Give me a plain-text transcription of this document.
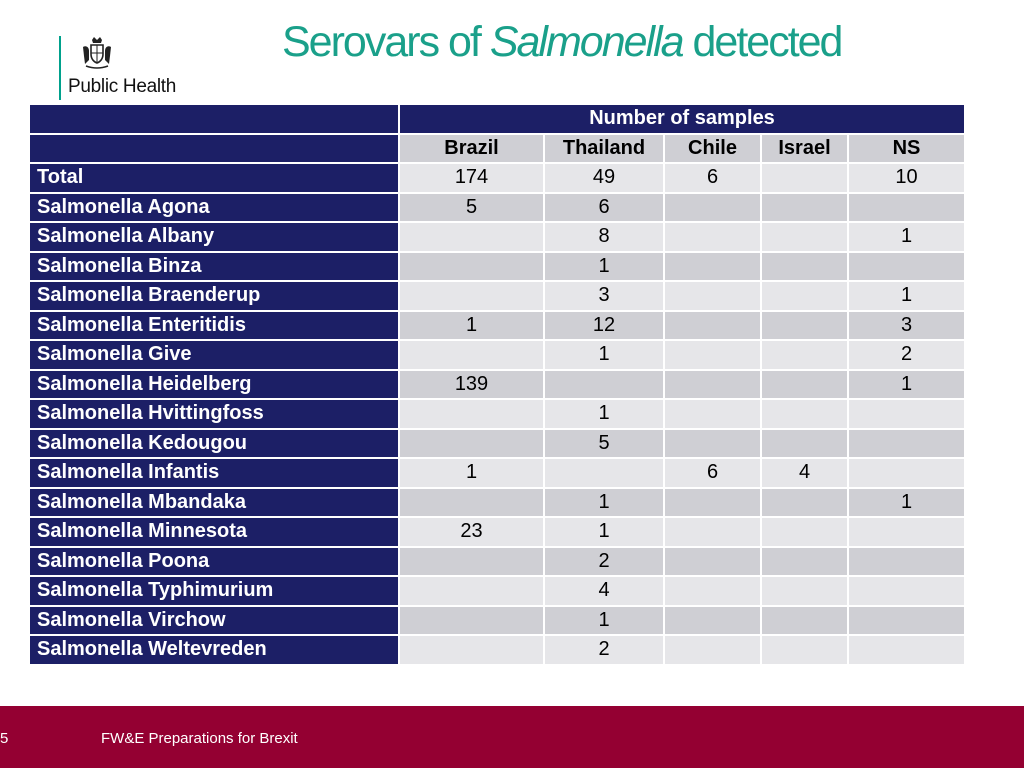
Public Health
Serovars of Salmonella detected
	Number of samples				
	Brazil	Thailand	Chile	Israel	NS
Total	174	49	6		10
Salmonella Agona	5	6			
Salmonella Albany		8			1
Salmonella Binza		1			
Salmonella Braenderup		3			1
Salmonella Enteritidis	1	12			3
Salmonella Give		1			2
Salmonella Heidelberg	139				1
Salmonella Hvittingfoss		1			
Salmonella Kedougou		5			
Salmonella Infantis	1		6	4	
Salmonella Mbandaka		1			1
Salmonella Minnesota	23	1			
Salmonella Poona		2			
Salmonella Typhimurium		4			
Salmonella Virchow		1			
Salmonella Weltevreden		2			
5	FW&E Preparations for Brexit
